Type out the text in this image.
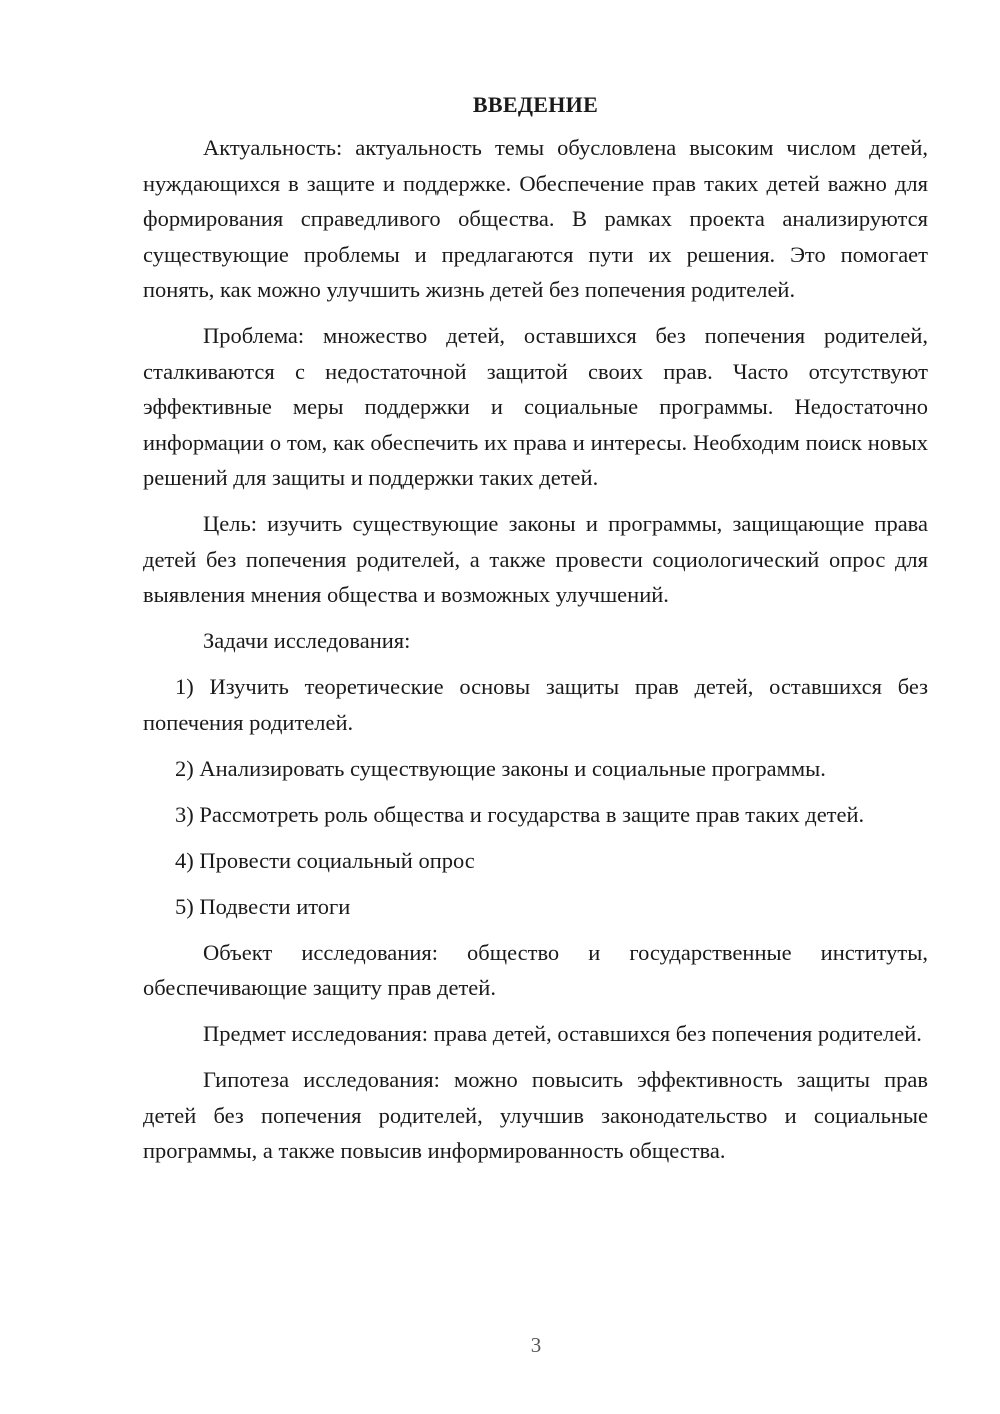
ВВЕДЕНИЕ

Актуальность: актуальность темы обусловлена высоким числом детей, нуждающихся в защите и поддержке. Обеспечение прав таких детей важно для формирования справедливого общества. В рамках проекта анализируются существующие проблемы и предлагаются пути их решения. Это помогает понять, как можно улучшить жизнь детей без попечения родителей.

Проблема: множество детей, оставшихся без попечения родителей, сталкиваются с недостаточной защитой своих прав. Часто отсутствуют эффективные меры поддержки и социальные программы. Недостаточно информации о том, как обеспечить их права и интересы. Необходим поиск новых решений для защиты и поддержки таких детей.

Цель: изучить существующие законы и программы, защищающие права детей без попечения родителей, а также провести социологический опрос для выявления мнения общества и возможных улучшений.

Задачи исследования:

1) Изучить теоретические основы защиты прав детей, оставшихся без попечения родителей.

2) Анализировать существующие законы и социальные программы.

3) Рассмотреть роль общества и государства в защите прав таких детей.

4) Провести социальный опрос

5) Подвести итоги

Объект исследования: общество и государственные институты, обеспечивающие защиту прав детей.

Предмет исследования: права детей, оставшихся без попечения родителей.

Гипотеза исследования: можно повысить эффективность защиты прав детей без попечения родителей, улучшив законодательство и социальные программы, а также повысив информированность общества.

3
